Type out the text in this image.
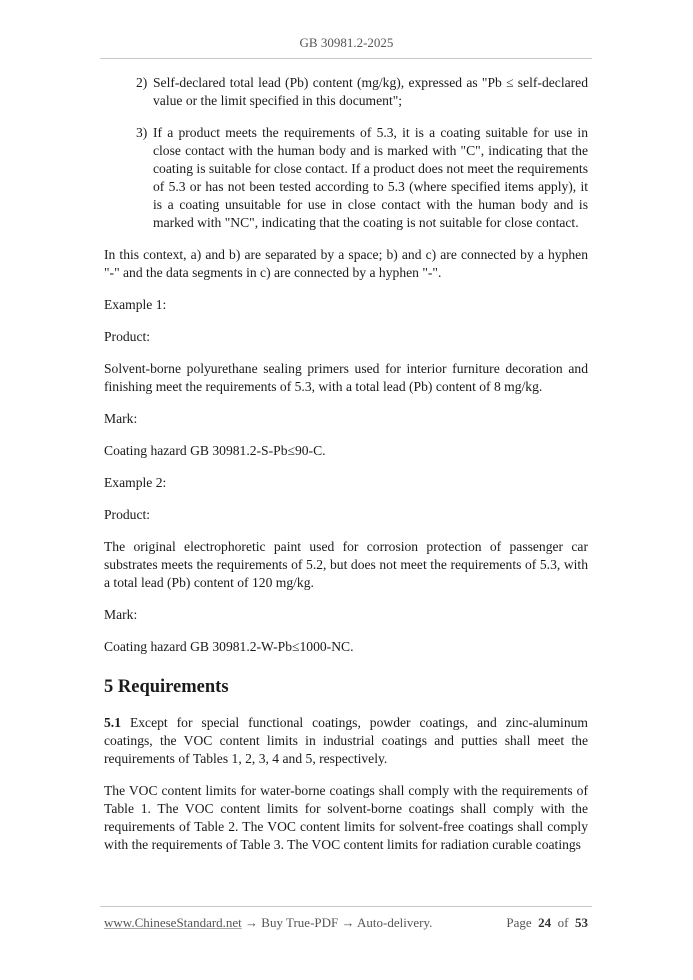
GB 30981.2-2025
2) Self-declared total lead (Pb) content (mg/kg), expressed as "Pb ≤ self-declared value or the limit specified in this document";
3) If a product meets the requirements of 5.3, it is a coating suitable for use in close contact with the human body and is marked with "C", indicating that the coating is suitable for close contact. If a product does not meet the requirements of 5.3 or has not been tested according to 5.3 (where specified items apply), it is a coating unsuitable for use in close contact with the human body and is marked with "NC", indicating that the coating is not suitable for close contact.

In this context, a) and b) are separated by a space; b) and c) are connected by a hyphen "-" and the data segments in c) are connected by a hyphen "-".

Example 1:

Product:

Solvent-borne polyurethane sealing primers used for interior furniture decoration and finishing meet the requirements of 5.3, with a total lead (Pb) content of 8 mg/kg.

Mark:

Coating hazard GB 30981.2-S-Pb≤90-C.

Example 2:

Product:

The original electrophoretic paint used for corrosion protection of passenger car substrates meets the requirements of 5.2, but does not meet the requirements of 5.3, with a total lead (Pb) content of 120 mg/kg.

Mark:

Coating hazard GB 30981.2-W-Pb≤1000-NC.

5 Requirements

5.1 Except for special functional coatings, powder coatings, and zinc-aluminum coatings, the VOC content limits in industrial coatings and putties shall meet the requirements of Tables 1, 2, 3, 4 and 5, respectively.

The VOC content limits for water-borne coatings shall comply with the requirements of Table 1. The VOC content limits for solvent-borne coatings shall comply with the requirements of Table 2. The VOC content limits for solvent-free coatings shall comply with the requirements of Table 3. The VOC content limits for radiation curable coatings

www.ChineseStandard.net → Buy True-PDF → Auto-delivery.	Page 24 of 53
